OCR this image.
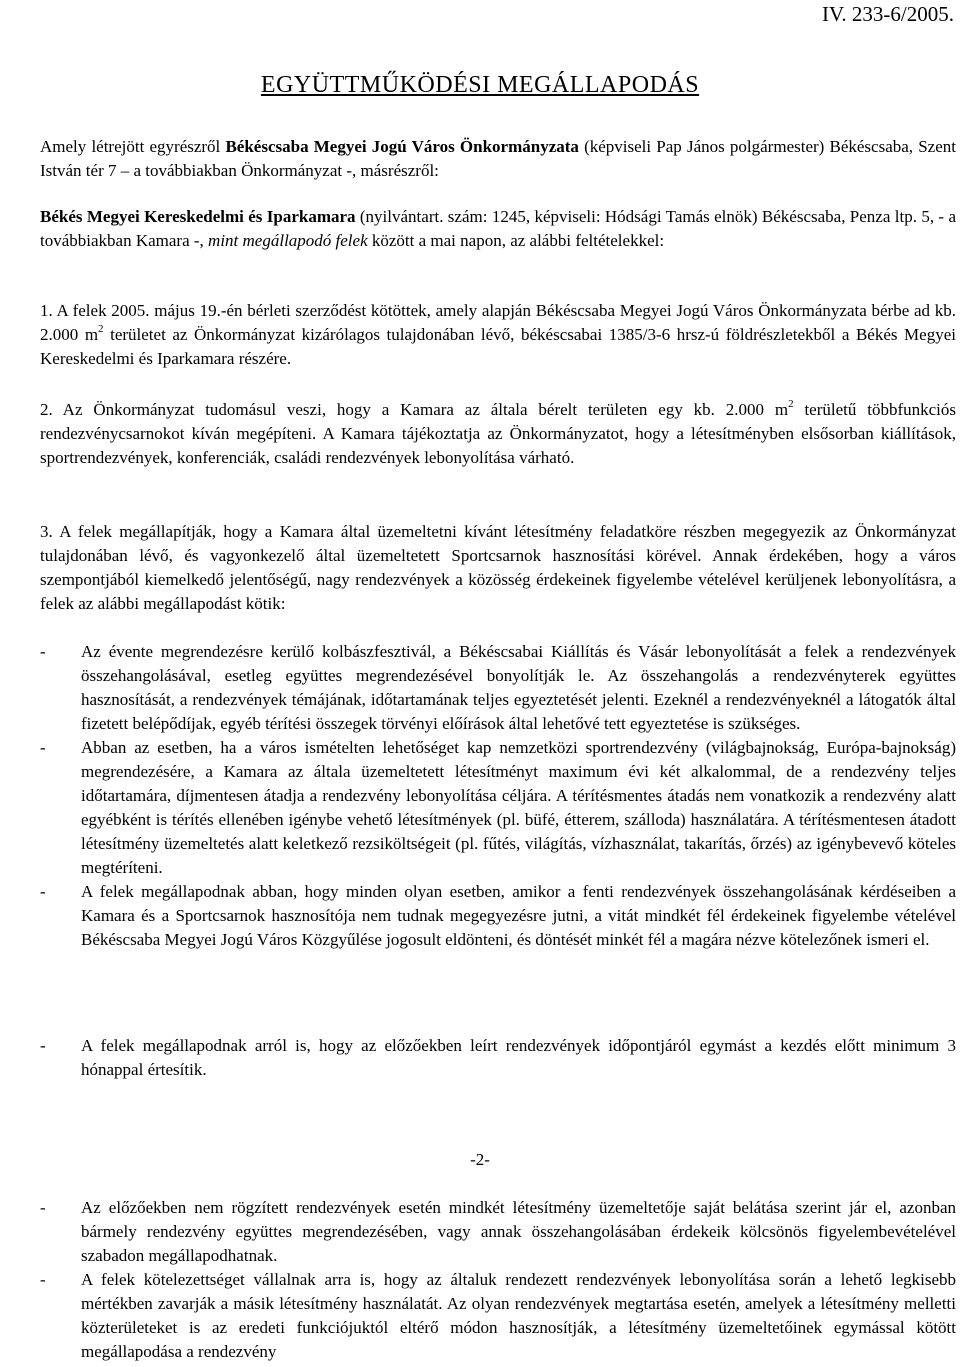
IV. 233-6/2005.
EGYÜTTMŰKÖDÉSI MEGÁLLAPODÁS

Amely létrejött egyrészről Békéscsaba Megyei Jogú Város Önkormányzata (képviseli Pap János polgármester) Békéscsaba, Szent István tér 7 – a továbbiakban Önkormányzat -, másrészről:

Békés Megyei Kereskedelmi és Iparkamara (nyilvántart. szám: 1245, képviseli: Hódsági Tamás elnök) Békéscsaba, Penza ltp. 5, - a továbbiakban Kamara -, mint megállapodó felek között a mai napon, az alábbi feltételekkel:

1. A felek 2005. május 19.-én bérleti szerződést kötöttek, amely alapján Békéscsaba Megyei Jogú Város Önkormányzata bérbe ad kb. 2.000 $m^2$ területet az Önkormányzat kizárólagos tulajdonában lévő, békéscsabai 1385/3-6 hrsz-ú földrészletekből a Békés Megyei Kereskedelmi és Iparkamara részére.

2. Az Önkormányzat tudomásul veszi, hogy a Kamara az általa bérelt területen egy kb. 2.000 $m^2$ területű többfunkciós rendezvénycsarnokot kíván megépíteni. A Kamara tájékoztatja az Önkormányzatot, hogy a létesítményben elsősorban kiállítások, sportrendezvények, konferenciák, családi rendezvények lebonyolítása várható.

3. A felek megállapítják, hogy a Kamara által üzemeltetni kívánt létesítmény feladatköre részben megegyezik az Önkormányzat tulajdonában lévő, és vagyonkezelő által üzemeltetett Sportcsarnok hasznosítási körével. Annak érdekében, hogy a város szempontjából kiemelkedő jelentőségű, nagy rendezvények a közösség érdekeinek figyelembe vételével kerüljenek lebonyolításra, a felek az alábbi megállapodást kötik:

- Az évente megrendezésre kerülő kolbászfesztivál, a Békéscsabai Kiállítás és Vásár lebonyolítását a felek a rendezvények összehangolásával, esetleg együttes megrendezésével bonyolítják le. Az összehangolás a rendezvényterek együttes hasznosítását, a rendezvények témájának, időtartamának teljes egyeztetését jelenti. Ezeknél a rendezvényeknél a látogatók által fizetett belépődíjak, egyéb térítési összegek törvényi előírások által lehetővé tett egyeztetése is szükséges.
- Abban az esetben, ha a város ismételten lehetőséget kap nemzetközi sportrendezvény (világbajnokság, Európa-bajnokság) megrendezésére, a Kamara az általa üzemeltetett létesítményt maximum évi két alkalommal, de a rendezvény teljes időtartamára, díjmentesen átadja a rendezvény lebonyolítása céljára. A térítésmentes átadás nem vonatkozik a rendezvény alatt egyébként is térítés ellenében igénybe vehető létesítmények (pl. büfé, étterem, szálloda) használatára. A térítésmentesen átadott létesítmény üzemeltetés alatt keletkező rezsiköltségeit (pl. fűtés, világítás, vízhasználat, takarítás, őrzés) az igénybevevő köteles megtéríteni.
- A felek megállapodnak abban, hogy minden olyan esetben, amikor a fenti rendezvények összehangolásának kérdéseiben a Kamara és a Sportcsarnok hasznosítója nem tudnak megegyezésre jutni, a vitát mindkét fél érdekeinek figyelembe vételével Békéscsaba Megyei Jogú Város Közgyűlése jogosult eldönteni, és döntését minkét fél a magára nézve kötelezőnek ismeri el.
- A felek megállapodnak arról is, hogy az előzőekben leírt rendezvények időpontjáról egymást a kezdés előtt minimum 3 hónappal értesítik.
-2-
- Az előzőekben nem rögzített rendezvények esetén mindkét létesítmény üzemeltetője saját belátása szerint jár el, azonban bármely rendezvény együttes megrendezésében, vagy annak összehangolásában érdekeik kölcsönös figyelembevételével szabadon megállapodhatnak.
- A felek kötelezettséget vállalnak arra is, hogy az általuk rendezett rendezvények lebonyolítása során a lehető legkisebb mértékben zavarják a másik létesítmény használatát. Az olyan rendezvények megtartása esetén, amelyek a létesítmény melletti közterületeket is az eredeti funkciójuktól eltérő módon hasznosítják, a létesítmény üzemeltetőinek egymással kötött megállapodása a rendezvény
